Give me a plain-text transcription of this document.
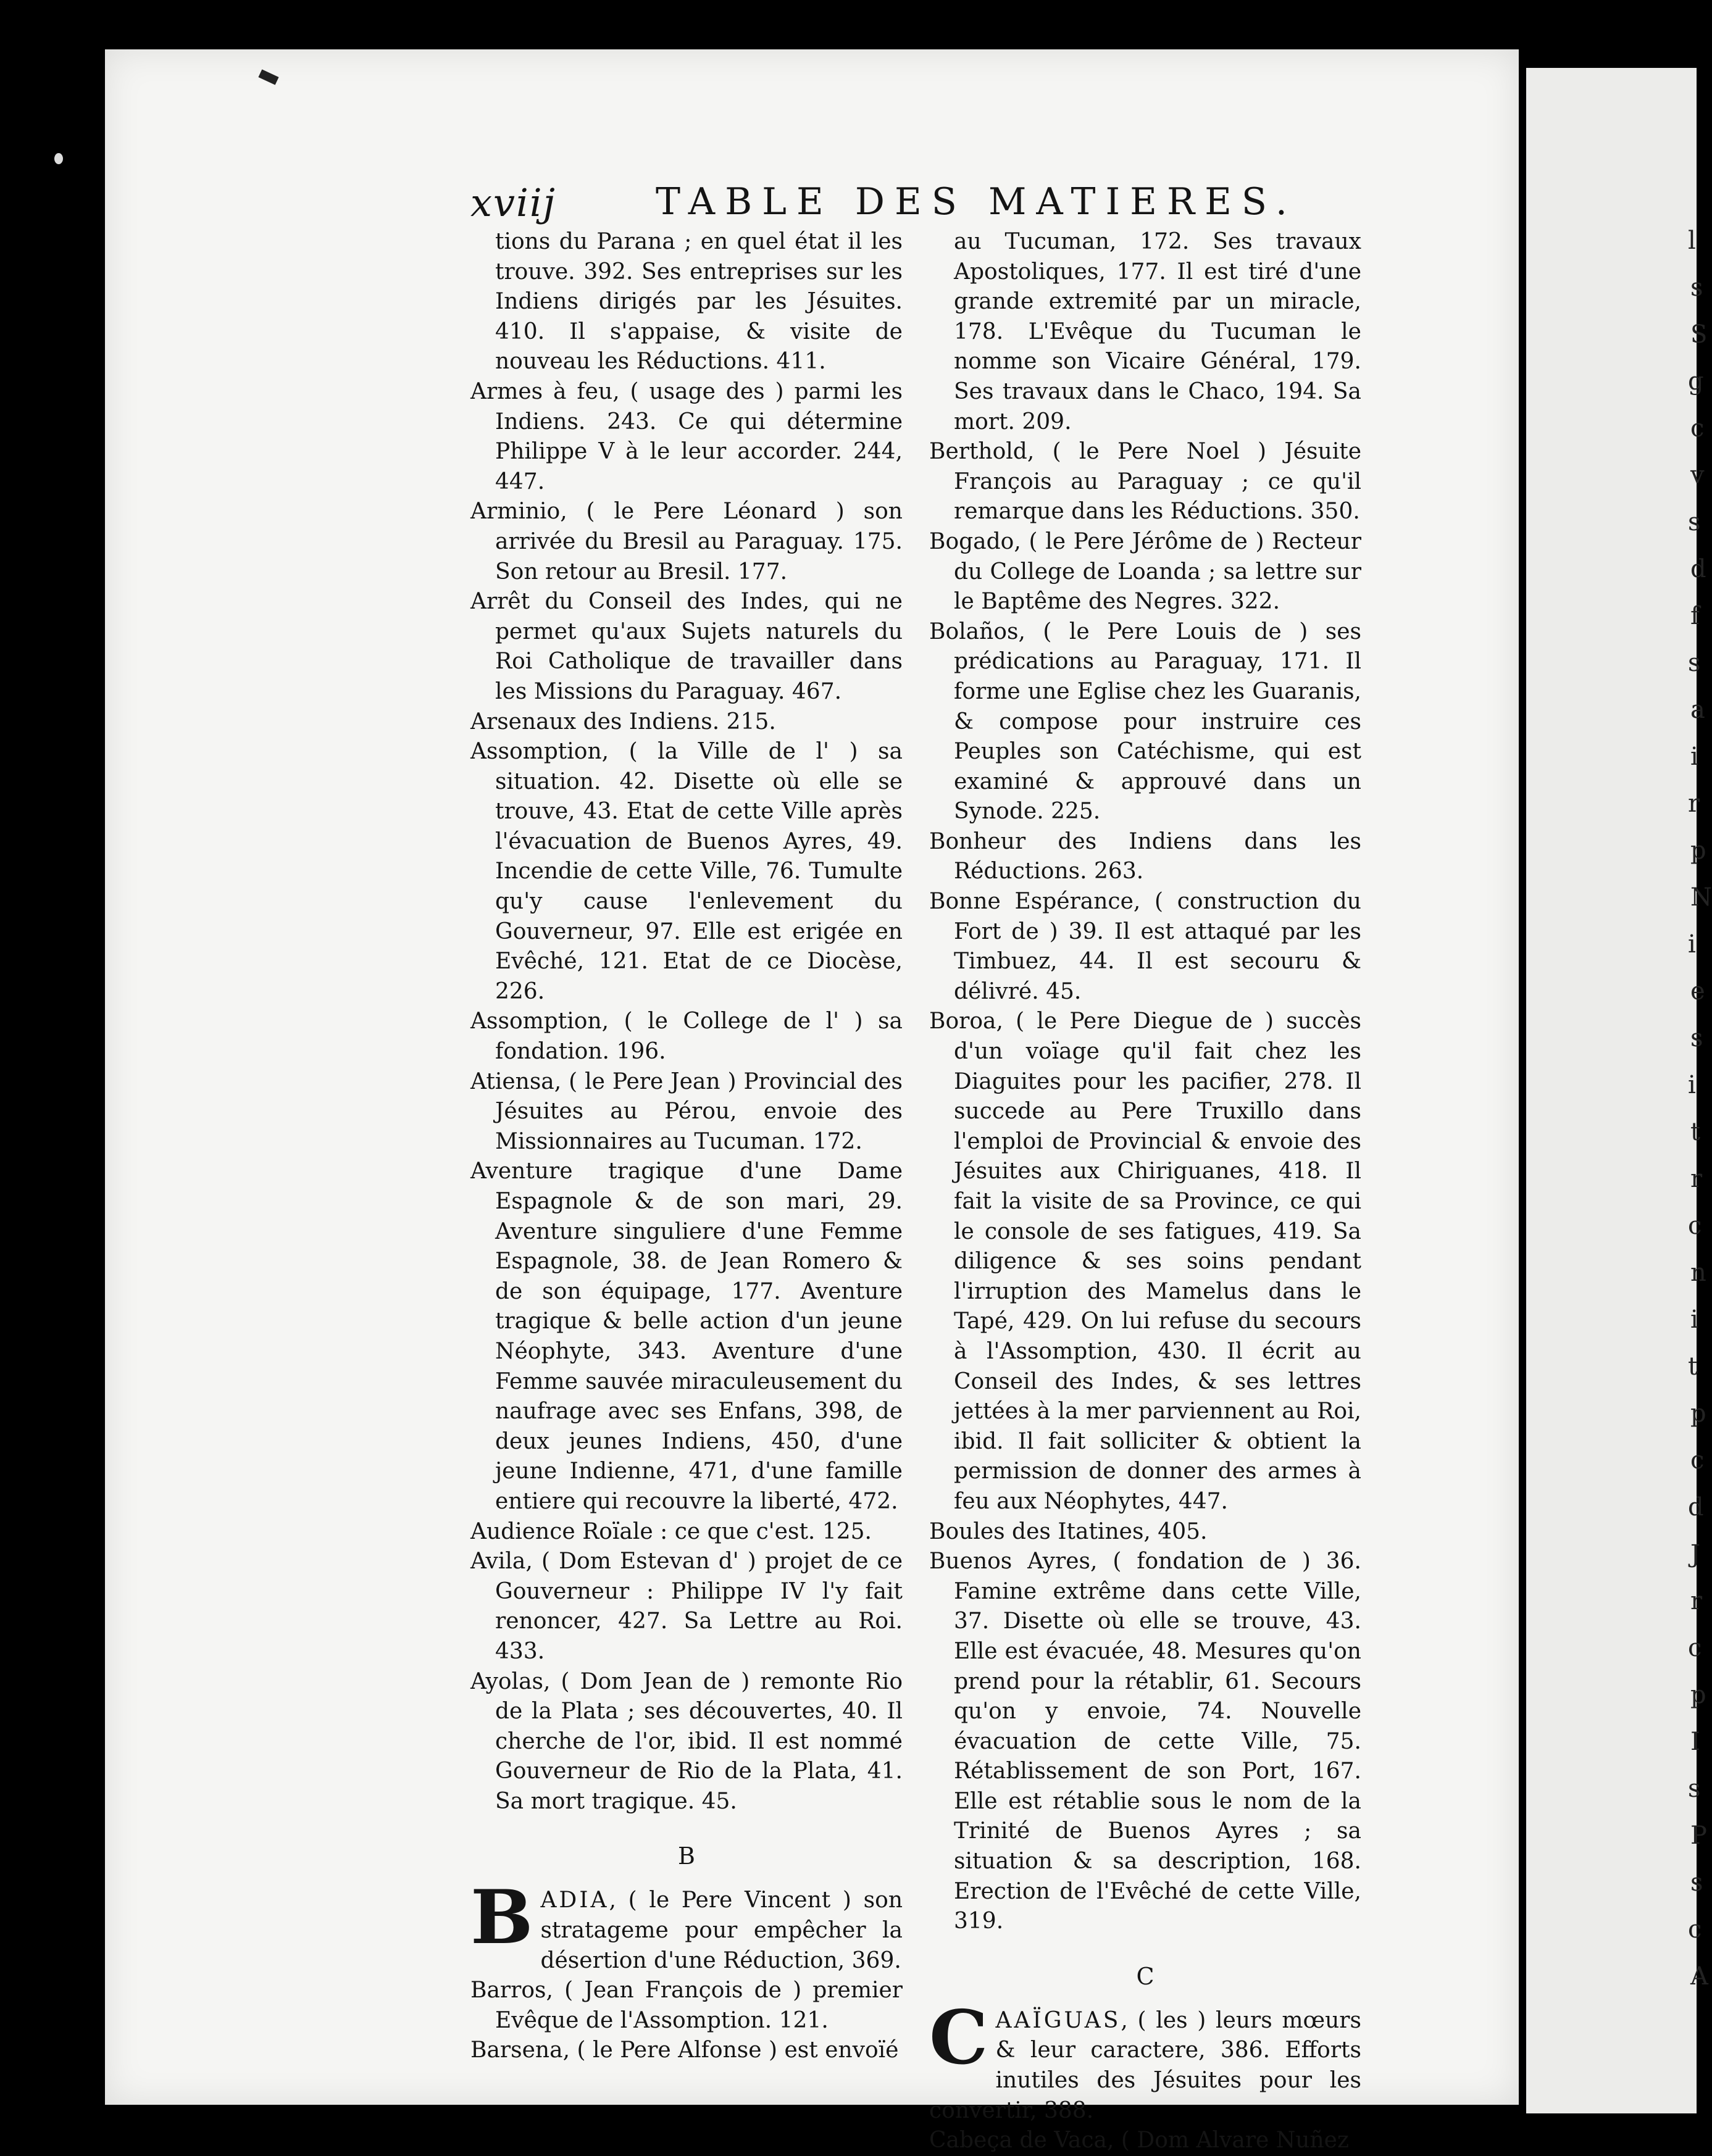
l
s
S
g
c
v
s
d
f
s
a
i
r
p
N
i
e
s
i
t
r
c
n
i
t
p
c
d
J
r
c
p
I
s
P
s
c
A
xviij	TABLE DES MATIERES.

tions du Parana ; en quel état il les trouve. 392. Ses entreprises sur les Indiens dirigés par les Jésuites. 410. Il s'appaise, & visite de nouveau les Réductions. 411.

Armes à feu, ( usage des ) parmi les Indiens. 243. Ce qui détermine Philippe V à le leur accorder. 244, 447.

Arminio, ( le Pere Léonard ) son arrivée du Bresil au Paraguay. 175. Son retour au Bresil. 177.

Arrêt du Conseil des Indes, qui ne permet qu'aux Sujets naturels du Roi Catholique de travailler dans les Missions du Paraguay. 467.

Arsenaux des Indiens. 215.

Assomption, ( la Ville de l' ) sa situation. 42. Disette où elle se trouve, 43. Etat de cette Ville après l'évacuation de Buenos Ayres, 49. Incendie de cette Ville, 76. Tumulte qu'y cause l'enlevement du Gouverneur, 97. Elle est erigée en Evêché, 121. Etat de ce Diocèse, 226.

Assomption, ( le College de l' ) sa fondation. 196.

Atiensa, ( le Pere Jean ) Provincial des Jésuites au Pérou, envoie des Missionnaires au Tucuman. 172.

Aventure tragique d'une Dame Espagnole & de son mari, 29. Aventure singuliere d'une Femme Espagnole, 38. de Jean Romero & de son équipage, 177. Aventure tragique & belle action d'un jeune Néophyte, 343. Aventure d'une Femme sauvée miraculeusement du naufrage avec ses Enfans, 398, de deux jeunes Indiens, 450, d'une jeune Indienne, 471, d'une famille entiere qui recouvre la liberté, 472.

Audience Roïale : ce que c'est. 125.

Avila, ( Dom Estevan d' ) projet de ce Gouverneur : Philippe IV l'y fait renoncer, 427. Sa Lettre au Roi. 433.

Ayolas, ( Dom Jean de ) remonte Rio de la Plata ; ses découvertes, 40. Il cherche de l'or, ibid. Il est nommé Gouverneur de Rio de la Plata, 41. Sa mort tragique. 45.

B

BADIA, ( le Pere Vincent ) son stratageme pour empêcher la désertion d'une Réduction, 369.

Barros, ( Jean François de ) premier Evêque de l'Assomption. 121.

Barsena, ( le Pere Alfonse ) est envoïé

au Tucuman, 172. Ses travaux Apostoliques, 177. Il est tiré d'une grande extremité par un miracle, 178. L'Evêque du Tucuman le nomme son Vicaire Général, 179. Ses travaux dans le Chaco, 194. Sa mort. 209.

Berthold, ( le Pere Noel ) Jésuite François au Paraguay ; ce qu'il remarque dans les Réductions. 350.

Bogado, ( le Pere Jérôme de ) Recteur du College de Loanda ; sa lettre sur le Baptême des Negres. 322.

Bolaños, ( le Pere Louis de ) ses prédications au Paraguay, 171. Il forme une Eglise chez les Guaranis, & compose pour instruire ces Peuples son Catéchisme, qui est examiné & approuvé dans un Synode. 225.

Bonheur des Indiens dans les Réductions. 263.

Bonne Espérance, ( construction du Fort de ) 39. Il est attaqué par les Timbuez, 44. Il est secouru & délivré. 45.

Boroa, ( le Pere Diegue de ) succès d'un voïage qu'il fait chez les Diaguites pour les pacifier, 278. Il succede au Pere Truxillo dans l'emploi de Provincial & envoie des Jésuites aux Chiriguanes, 418. Il fait la visite de sa Province, ce qui le console de ses fatigues, 419. Sa diligence & ses soins pendant l'irruption des Mamelus dans le Tapé, 429. On lui refuse du secours à l'Assomption, 430. Il écrit au Conseil des Indes, & ses lettres jettées à la mer parviennent au Roi, ibid. Il fait solliciter & obtient la permission de donner des armes à feu aux Néophytes, 447.

Boules des Itatines, 405.

Buenos Ayres, ( fondation de ) 36. Famine extrême dans cette Ville, 37. Disette où elle se trouve, 43. Elle est évacuée, 48. Mesures qu'on prend pour la rétablir, 61. Secours qu'on y envoie, 74. Nouvelle évacuation de cette Ville, 75. Rétablissement de son Port, 167. Elle est rétablie sous le nom de la Trinité de Buenos Ayres ; sa situation & sa description, 168. Erection de l'Evêché de cette Ville, 319.

C

CAAÏGUAS, ( les ) leurs mœurs & leur caractere, 386. Efforts inutiles des Jésuites pour les convertir, 388.

Cabeça de Vaca, ( Dom Alvare Nuñez
